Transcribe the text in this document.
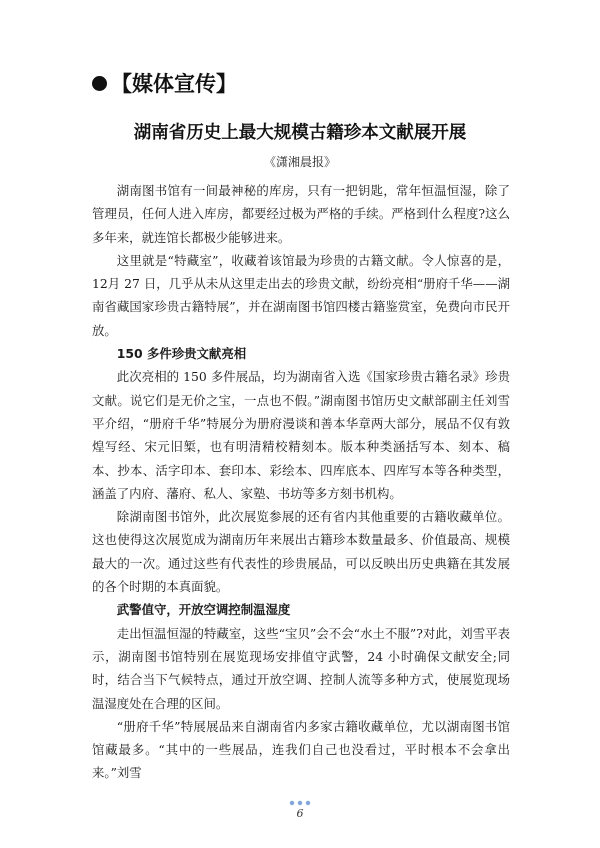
【媒体宣传】
湖南省历史上最大规模古籍珍本文献展开展
《潇湘晨报》

湖南图书馆有一间最神秘的库房，只有一把钥匙，常年恒温恒湿，除了管理员，任何人进入库房，都要经过极为严格的手续。严格到什么程度?这么多年来，就连馆长都极少能够进来。

这里就是“特藏室”，收藏着该馆最为珍贵的古籍文献。令人惊喜的是，12月 27 日，几乎从未从这里走出去的珍贵文献，纷纷亮相“册府千华——湖南省藏国家珍贵古籍特展”，并在湖南图书馆四楼古籍鉴赏室，免费向市民开放。

150 多件珍贵文献亮相

此次亮相的 150 多件展品，均为湖南省入选《国家珍贵古籍名录》珍贵文献。说它们是无价之宝，一点也不假。”湖南图书馆历史文献部副主任刘雪平介绍，“册府千华”特展分为册府漫谈和善本华章两大部分，展品不仅有敦煌写经、宋元旧椠，也有明清精校精刻本。版本种类涵括写本、刻本、稿本、抄本、活字印本、套印本、彩绘本、四库底本、四库写本等各种类型，涵盖了内府、藩府、私人、家塾、书坊等多方刻书机构。

除湖南图书馆外，此次展览参展的还有省内其他重要的古籍收藏单位。这也使得这次展览成为湖南历年来展出古籍珍本数量最多、价值最高、规模最大的一次。通过这些有代表性的珍贵展品，可以反映出历史典籍在其发展的各个时期的本真面貌。

武警值守，开放空调控制温湿度

走出恒温恒湿的特藏室，这些“宝贝”会不会“水土不服”?对此，刘雪平表示，湖南图书馆特别在展览现场安排值守武警，24 小时确保文献安全;同时，结合当下气候特点，通过开放空调、控制人流等多种方式，使展览现场温湿度处在合理的区间。

“册府千华”特展展品来自湖南省内多家古籍收藏单位，尤以湖南图书馆馆藏最多。“其中的一些展品，连我们自己也没看过，平时根本不会拿出来。”刘雪

6
